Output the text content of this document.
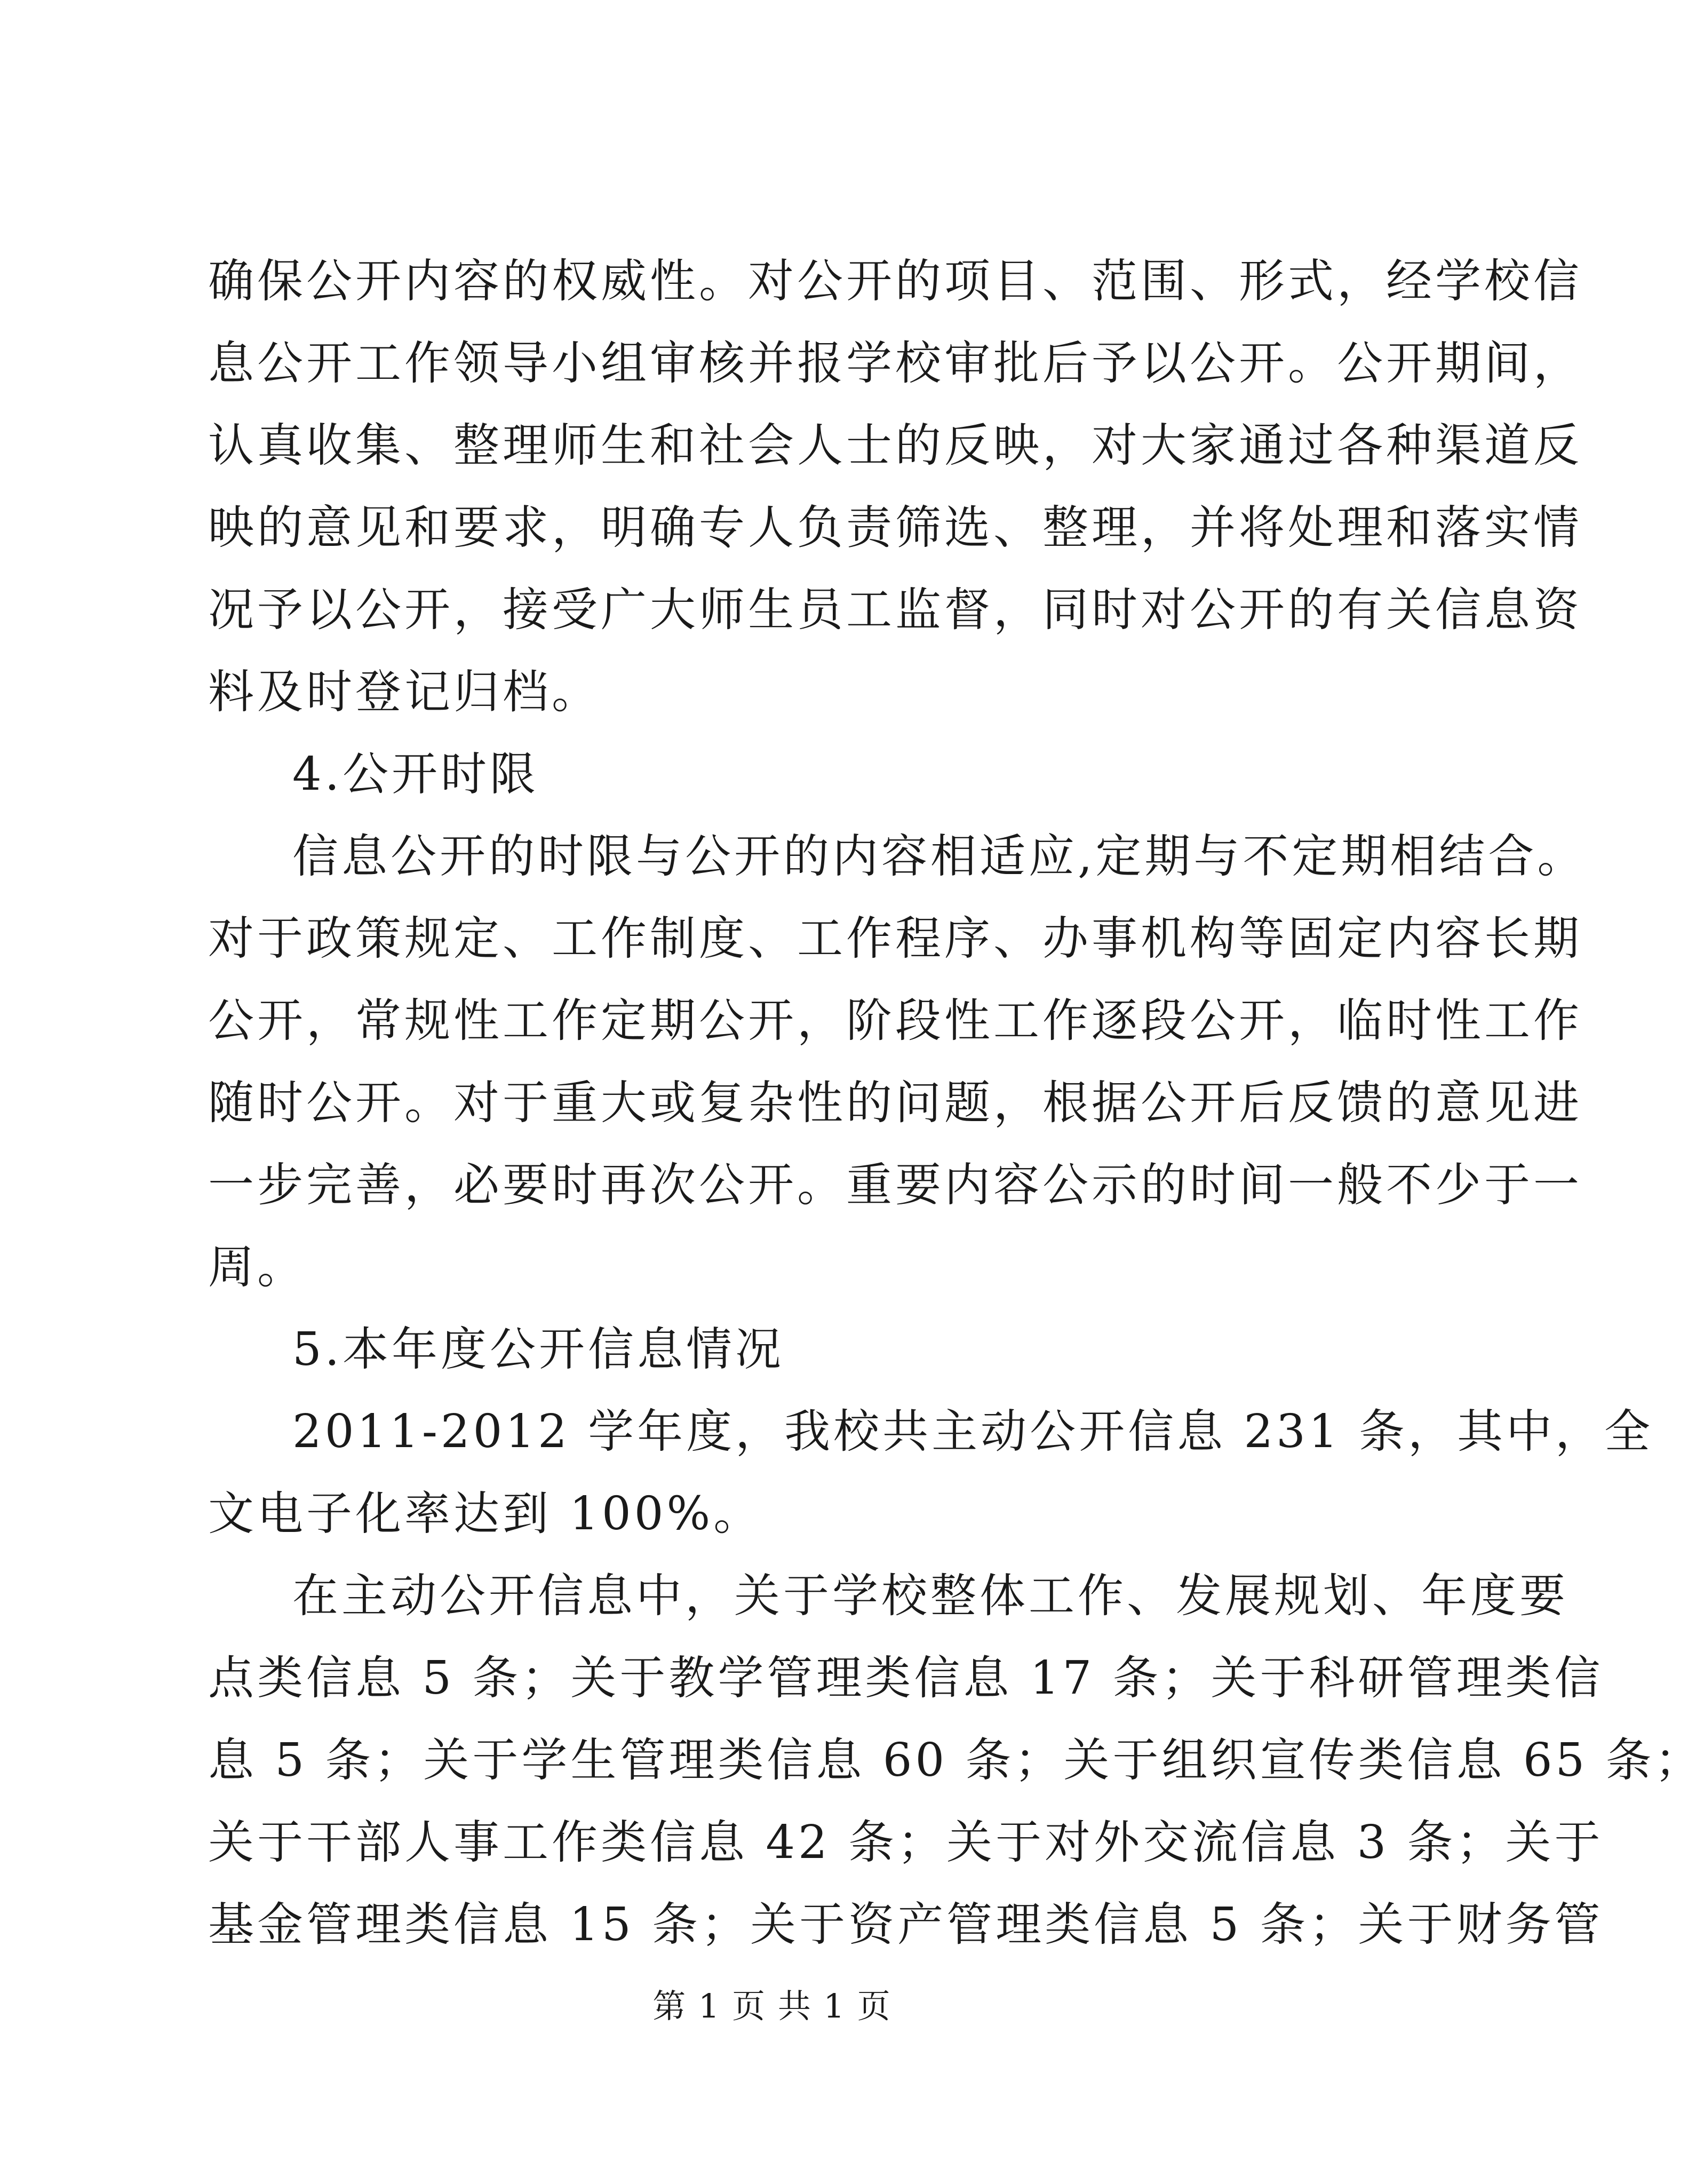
确保公开内容的权威性。对公开的项目、范围、形式，经学校信
息公开工作领导小组审核并报学校审批后予以公开。公开期间，
认真收集、整理师生和社会人士的反映，对大家通过各种渠道反
映的意见和要求，明确专人负责筛选、整理，并将处理和落实情
况予以公开，接受广大师生员工监督，同时对公开的有关信息资
料及时登记归档。
4.公开时限
信息公开的时限与公开的内容相适应,定期与不定期相结合。
对于政策规定、工作制度、工作程序、办事机构等固定内容长期
公开，常规性工作定期公开，阶段性工作逐段公开，临时性工作
随时公开。对于重大或复杂性的问题，根据公开后反馈的意见进
一步完善，必要时再次公开。重要内容公示的时间一般不少于一
周。
5.本年度公开信息情况
2011-2012 学年度，我校共主动公开信息 231 条，其中，全
文电子化率达到 100%。
在主动公开信息中，关于学校整体工作、发展规划、年度要
点类信息 5 条；关于教学管理类信息 17 条；关于科研管理类信
息 5 条；关于学生管理类信息 60 条；关于组织宣传类信息 65 条；
关于干部人事工作类信息 42 条；关于对外交流信息 3 条；关于
基金管理类信息 15 条；关于资产管理类信息 5 条；关于财务管
第 1 页 共 1 页
